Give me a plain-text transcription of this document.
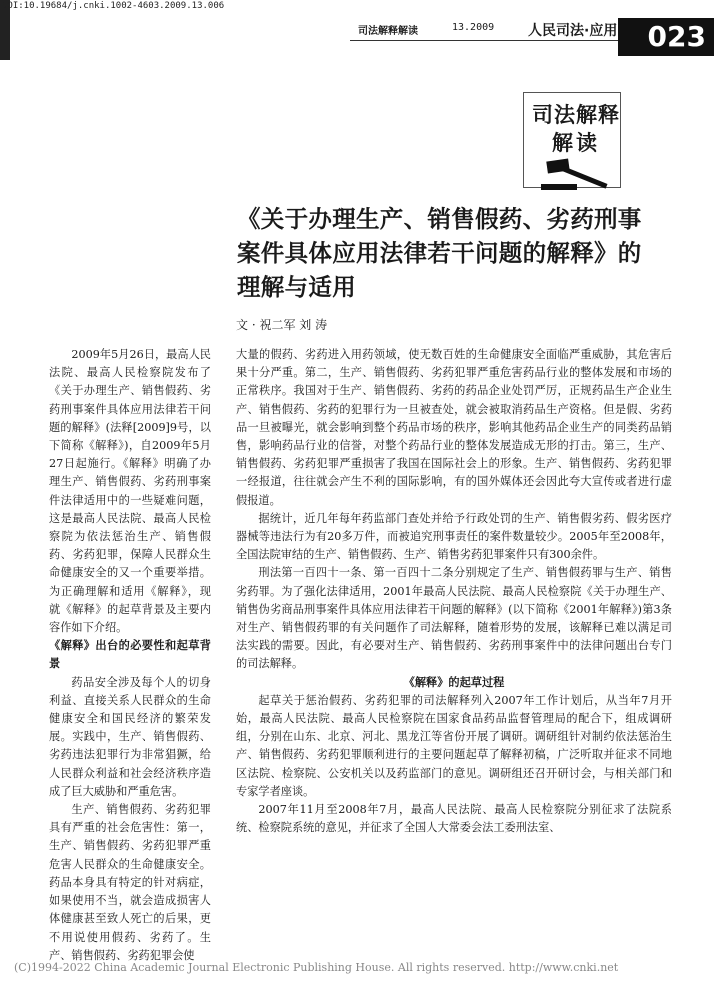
DOI:10.19684/j.cnki.1002-4603.2009.13.006
司法解释解读	13.2009 人民司法·应用	023
司法解释
解读
《关于办理生产、销售假药、劣药刑事案件具体应用法律若干问题的解释》的理解与适用
文 · 祝二军 刘 涛

2009年5月26日，最高人民法院、最高人民检察院发布了《关于办理生产、销售假药、劣药刑事案件具体应用法律若干问题的解释》(法释[2009]9号，以下简称《解释》)，自2009年5月27日起施行。《解释》明确了办理生产、销售假药、劣药刑事案件法律适用中的一些疑难问题，这是最高人民法院、最高人民检察院为依法惩治生产、销售假药、劣药犯罪，保障人民群众生命健康安全的又一个重要举措。为正确理解和适用《解释》，现就《解释》的起草背景及主要内容作如下介绍。

《解释》出台的必要性和起草背景

药品安全涉及每个人的切身利益、直接关系人民群众的生命健康安全和国民经济的繁荣发展。实践中，生产、销售假药、劣药违法犯罪行为非常猖獗，给人民群众利益和社会经济秩序造成了巨大威胁和严重危害。

生产、销售假药、劣药犯罪具有严重的社会危害性：第一，生产、销售假药、劣药犯罪严重危害人民群众的生命健康安全。药品本身具有特定的针对病症，如果使用不当，就会造成损害人体健康甚至致人死亡的后果，更不用说使用假药、劣药了。生产、销售假药、劣药犯罪会使

大量的假药、劣药进入用药领域，使无数百姓的生命健康安全面临严重威胁，其危害后果十分严重。第二，生产、销售假药、劣药犯罪严重危害药品行业的整体发展和市场的正常秩序。我国对于生产、销售假药、劣药的药品企业处罚严厉，正规药品生产企业生产、销售假药、劣药的犯罪行为一旦被查处，就会被取消药品生产资格。但是假、劣药品一旦被曝光，就会影响到整个药品市场的秩序，影响其他药品企业生产的同类药品销售，影响药品行业的信誉，对整个药品行业的整体发展造成无形的打击。第三，生产、销售假药、劣药犯罪严重损害了我国在国际社会上的形象。生产、销售假药、劣药犯罪一经报道，往往就会产生不利的国际影响，有的国外媒体还会因此夸大宣传或者进行虚假报道。

据统计，近几年每年药监部门查处并给予行政处罚的生产、销售假劣药、假劣医疗器械等违法行为有20多万件，而被追究刑事责任的案件数量较少。2005年至2008年，全国法院审结的生产、销售假药、生产、销售劣药犯罪案件只有300余件。

刑法第一百四十一条、第一百四十二条分别规定了生产、销售假药罪与生产、销售劣药罪。为了强化法律适用，2001年最高人民法院、最高人民检察院《关于办理生产、销售伪劣商品刑事案件具体应用法律若干问题的解释》(以下简称《2001年解释》)第3条对生产、销售假药罪的有关问题作了司法解释，随着形势的发展，该解释已难以满足司法实践的需要。因此，有必要对生产、销售假药、劣药刑事案件中的法律问题出台专门的司法解释。

《解释》的起草过程

起草关于惩治假药、劣药犯罪的司法解释列入2007年工作计划后，从当年7月开始，最高人民法院、最高人民检察院在国家食品药品监督管理局的配合下，组成调研组，分别在山东、北京、河北、黑龙江等省份开展了调研。调研组针对制约依法惩治生产、销售假药、劣药犯罪顺利进行的主要问题起草了解释初稿，广泛听取并征求不同地区法院、检察院、公安机关以及药监部门的意见。调研组还召开研讨会，与相关部门和专家学者座谈。

2007年11月至2008年7月，最高人民法院、最高人民检察院分别征求了法院系统、检察院系统的意见，并征求了全国人大常委会法工委刑法室、

(C)1994-2022 China Academic Journal Electronic Publishing House. All rights reserved. http://www.cnki.net
